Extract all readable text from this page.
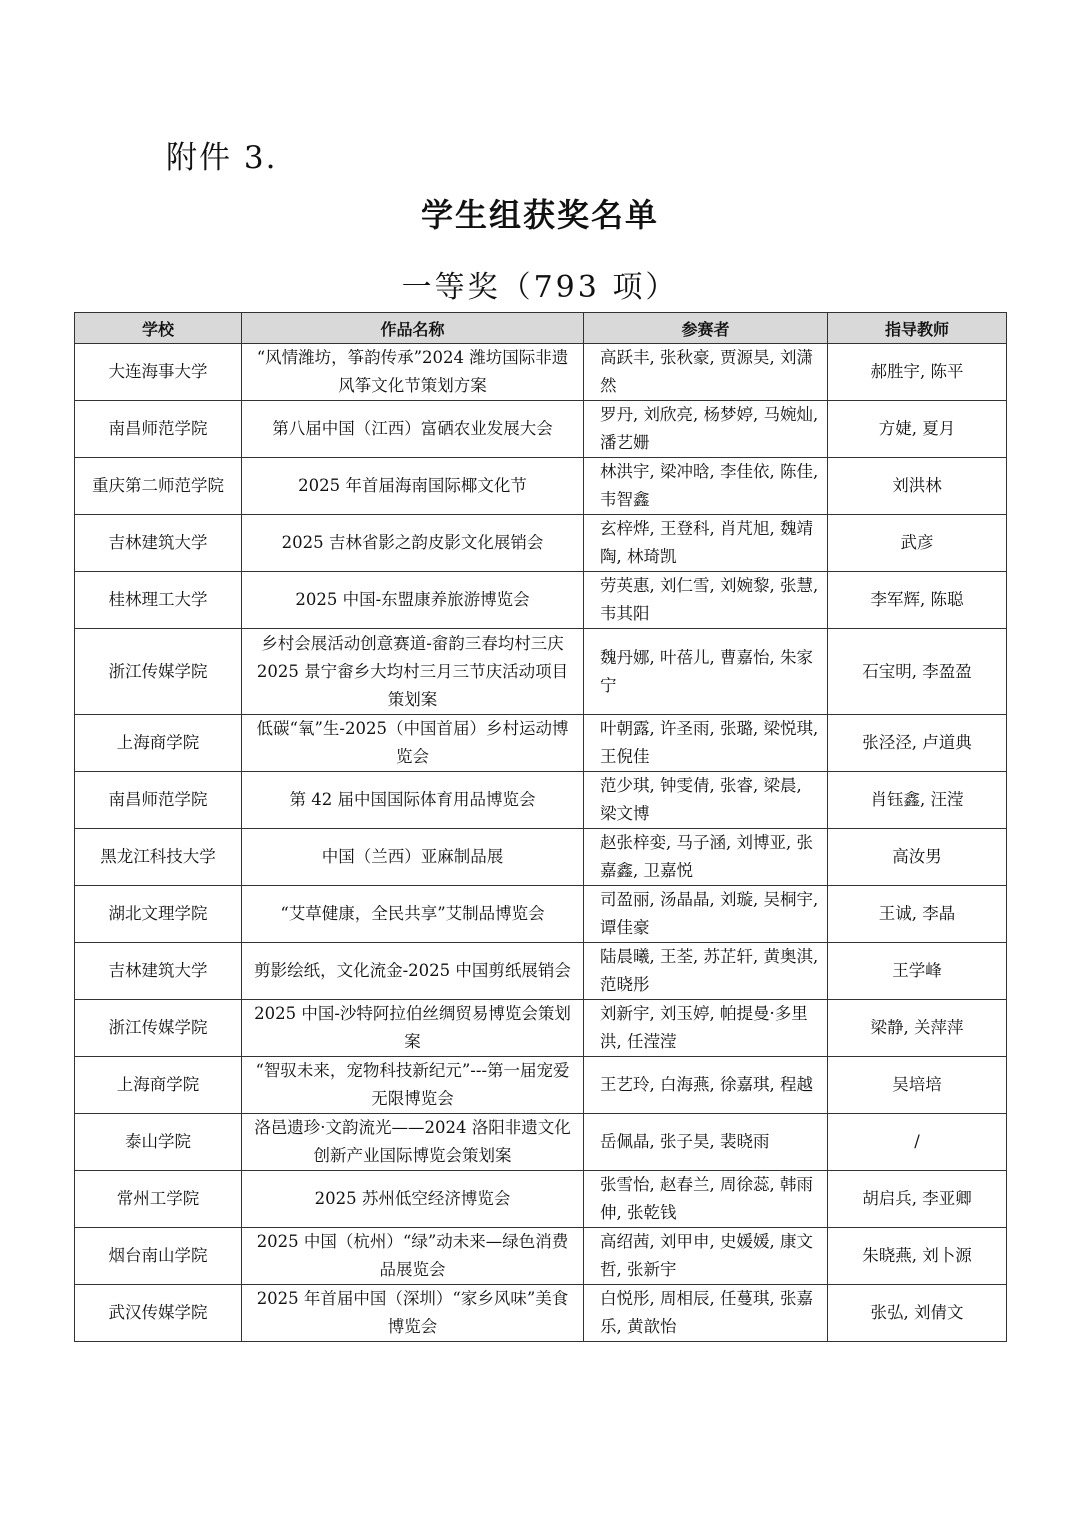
附件 3.
学生组获奖名单
一等奖（793 项）
学校	作品名称	参赛者	指导教师
大连海事大学	“风情潍坊，筝韵传承”2024 潍坊国际非遗风筝文化节策划方案	高跃丰, 张秋豪, 贾源昊, 刘潇然	郝胜宇, 陈平
南昌师范学院	第八届中国（江西）富硒农业发展大会	罗丹, 刘欣亮, 杨梦婷, 马婉灿, 潘艺姗	方婕, 夏月
重庆第二师范学院	2025 年首届海南国际椰文化节	林洪宇, 梁冲晗, 李佳依, 陈佳, 韦智鑫	刘洪林
吉林建筑大学	2025 吉林省影之韵皮影文化展销会	玄梓烨, 王登科, 肖芃旭, 魏靖陶, 林琦凯	武彦
桂林理工大学	2025 中国-东盟康养旅游博览会	劳英惠, 刘仁雪, 刘婉黎, 张慧, 韦其阳	李军辉, 陈聪
浙江传媒学院	乡村会展活动创意赛道-畲韵三春均村三庆 2025 景宁畲乡大均村三月三节庆活动项目策划案	魏丹娜, 叶蓓儿, 曹嘉怡, 朱家宁	石宝明, 李盈盈
上海商学院	低碳“氧”生-2025（中国首届）乡村运动博览会	叶朝露, 许圣雨, 张璐, 梁悦琪, 王倪佳	张泾泾, 卢道典
南昌师范学院	第 42 届中国国际体育用品博览会	范少琪, 钟雯倩, 张睿, 梁晨, 梁文博	肖钰鑫, 汪滢
黑龙江科技大学	中国（兰西）亚麻制品展	赵张梓娈, 马子涵, 刘博亚, 张嘉鑫, 卫嘉悦	高汝男
湖北文理学院	“艾草健康，全民共享”艾制品博览会	司盈丽, 汤晶晶, 刘璇, 吴桐宇, 谭佳豪	王诚, 李晶
吉林建筑大学	剪影绘纸，文化流金-2025 中国剪纸展销会	陆晨曦, 王荃, 苏芷轩, 黄奥淇, 范晓彤	王学峰
浙江传媒学院	2025 中国-沙特阿拉伯丝绸贸易博览会策划案	刘新宇, 刘玉婷, 帕提曼·多里洪, 任滢滢	梁静, 关萍萍
上海商学院	“智驭未来，宠物科技新纪元”---第一届宠爱无限博览会	王艺玲, 白海燕, 徐嘉琪, 程越	吴培培
泰山学院	洛邑遗珍·文韵流光——2024 洛阳非遗文化创新产业国际博览会策划案	岳佩晶, 张子昊, 裴晓雨	/
常州工学院	2025 苏州低空经济博览会	张雪怡, 赵春兰, 周徐蕊, 韩雨伸, 张乾钱	胡启兵, 李亚卿
烟台南山学院	2025 中国（杭州）“绿”动未来—绿色消费品展览会	高绍茜, 刘甲申, 史媛媛, 康文哲, 张新宇	朱晓燕, 刘卜源
武汉传媒学院	2025 年首届中国（深圳）“家乡风味”美食博览会	白悦彤, 周相辰, 任蔓琪, 张嘉乐, 黄歆怡	张弘, 刘倩文
